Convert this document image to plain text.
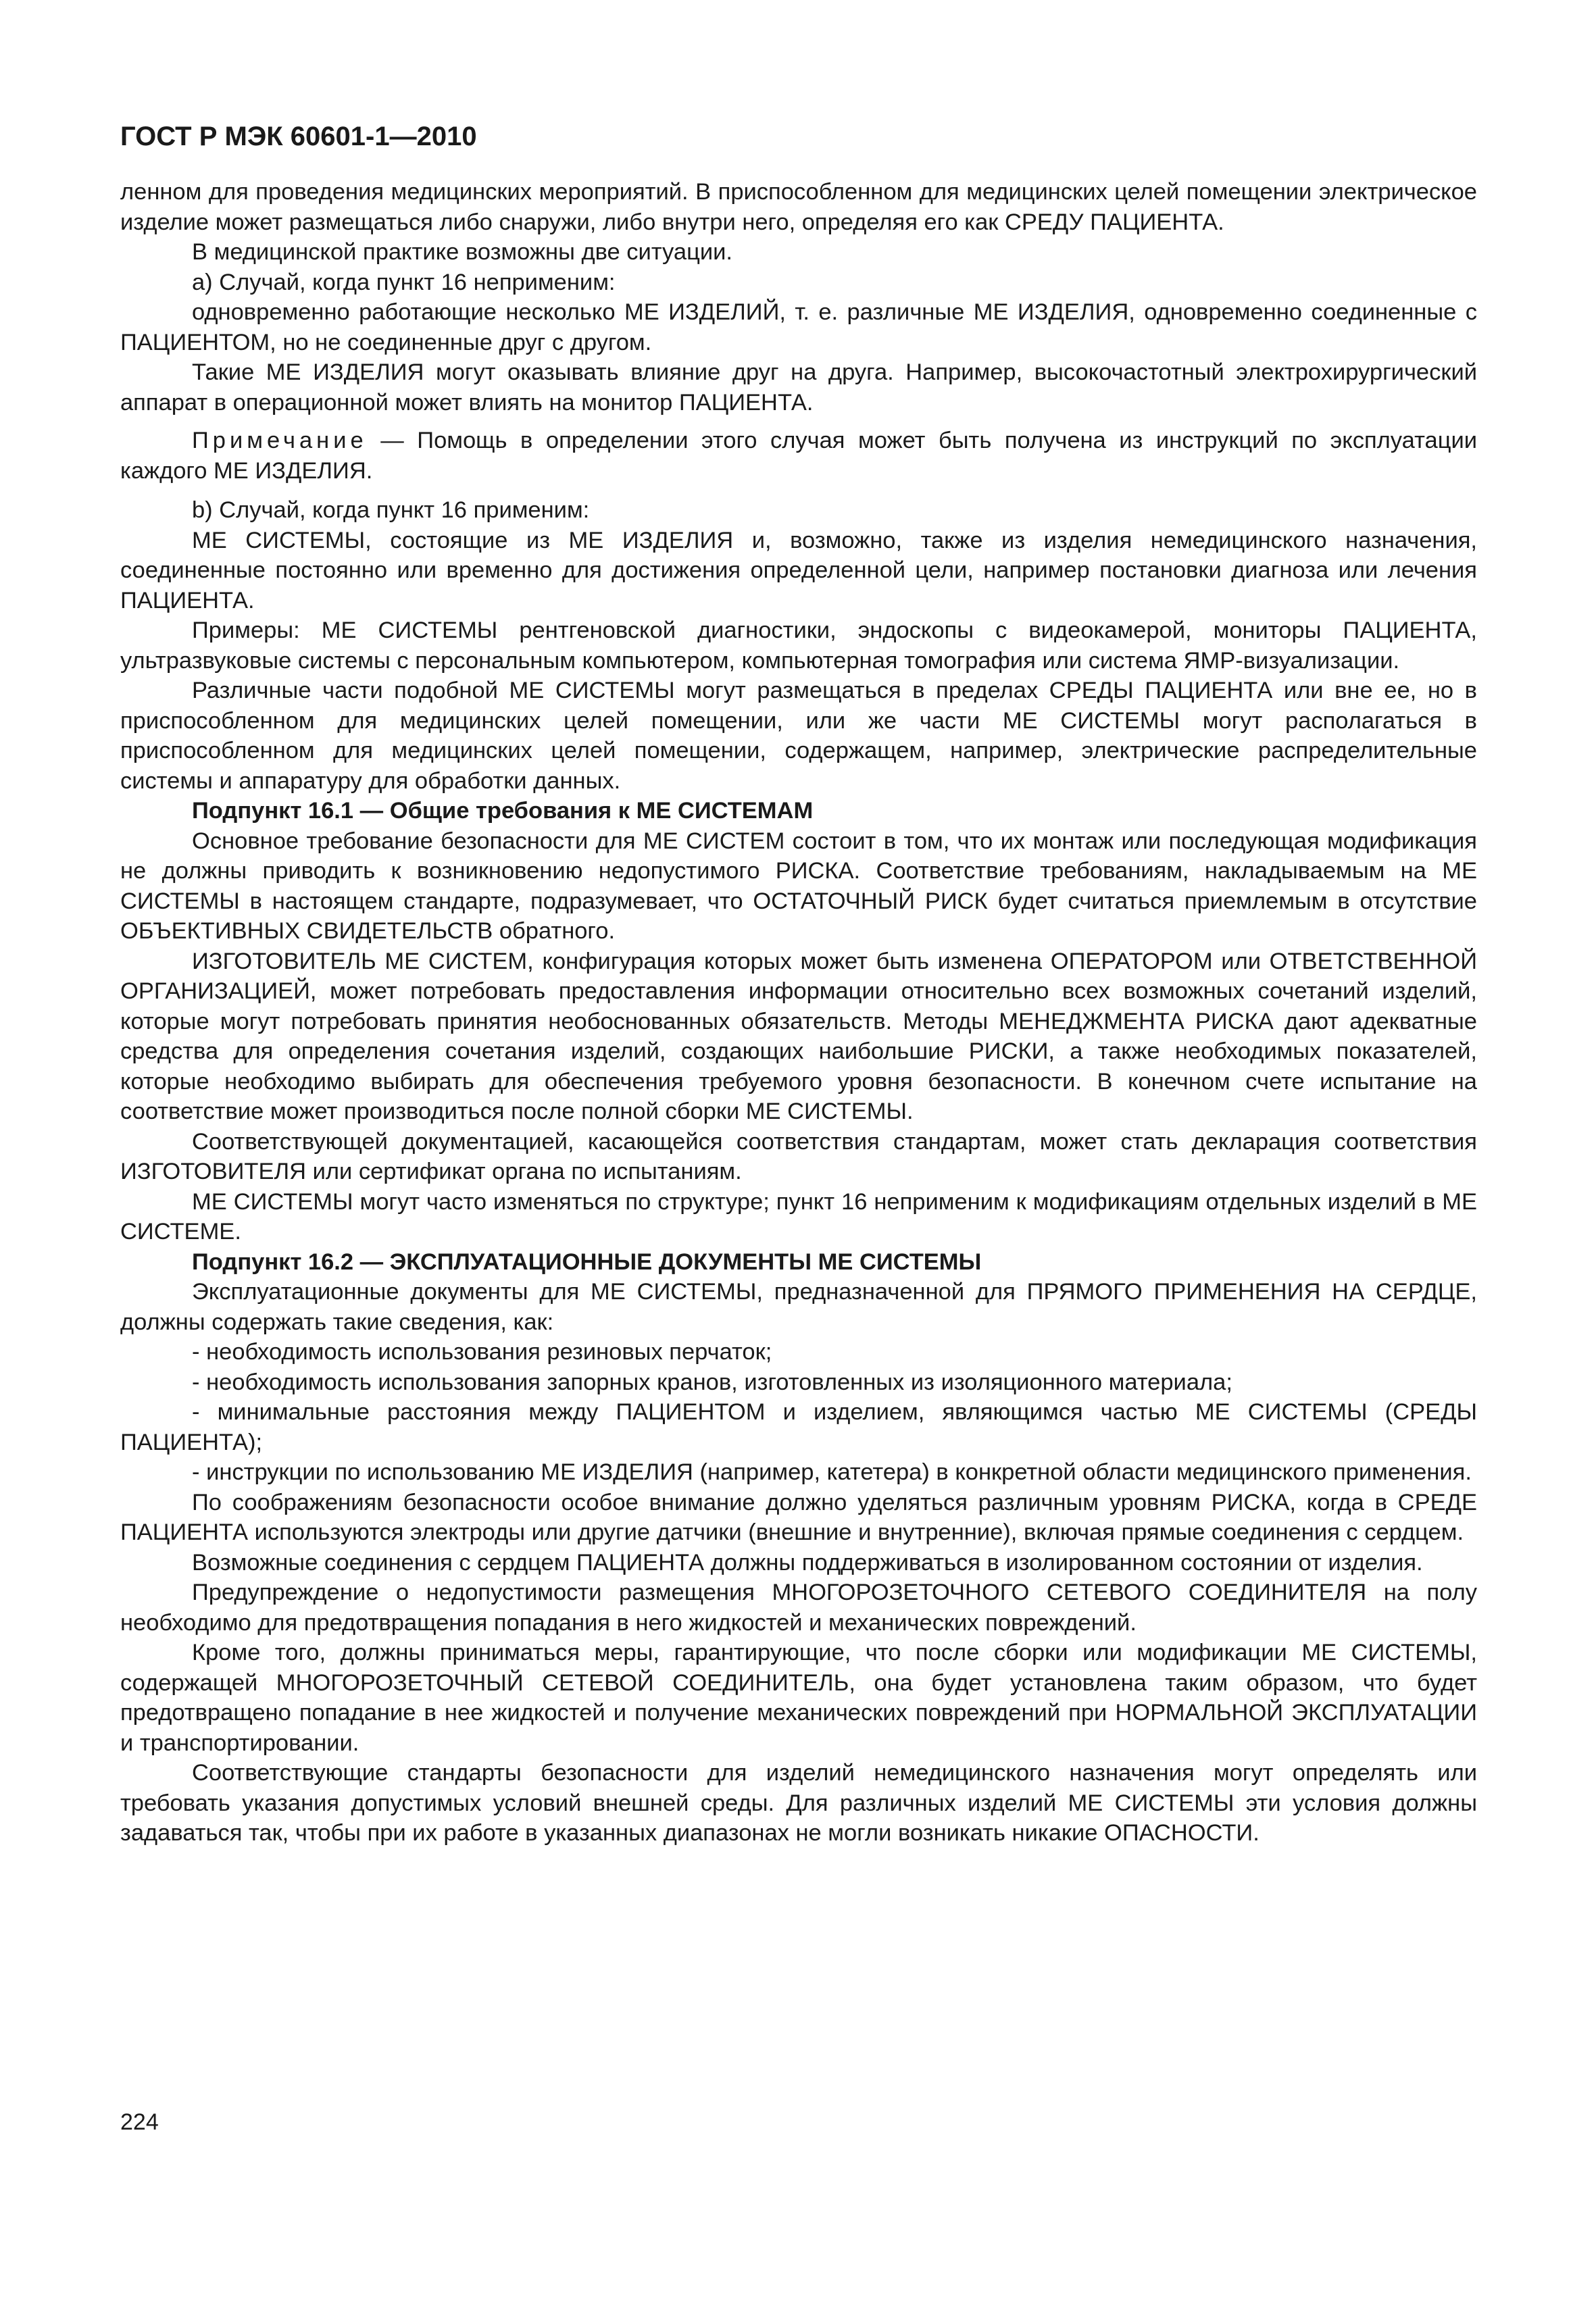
ГОСТ Р МЭК 60601-1—2010

ленном для проведения медицинских мероприятий. В приспособленном для медицинских целей помещении электрическое изделие может размещаться либо снаружи, либо внутри него, определяя его как СРЕДУ ПАЦИЕНТА.

В медицинской практике возможны две ситуации.

а) Случай, когда пункт 16 неприменим:

одновременно работающие несколько МЕ ИЗДЕЛИЙ, т. е. различные МЕ ИЗДЕЛИЯ, одновременно соединенные с ПАЦИЕНТОМ, но не соединенные друг с другом.

Такие МЕ ИЗДЕЛИЯ могут оказывать влияние друг на друга. Например, высокочастотный электрохирургический аппарат в операционной может влиять на монитор ПАЦИЕНТА.

Примечание — Помощь в определении этого случая может быть получена из инструкций по эксплуатации каждого МЕ ИЗДЕЛИЯ.

b) Случай, когда пункт 16 применим:

МЕ СИСТЕМЫ, состоящие из МЕ ИЗДЕЛИЯ и, возможно, также из изделия немедицинского назначения, соединенные постоянно или временно для достижения определенной цели, например постановки диагноза или лечения ПАЦИЕНТА.

Примеры: МЕ СИСТЕМЫ рентгеновской диагностики, эндоскопы с видеокамерой, мониторы ПАЦИЕНТА, ультразвуковые системы с персональным компьютером, компьютерная томография или система ЯМР-визуализации.

Различные части подобной МЕ СИСТЕМЫ могут размещаться в пределах СРЕДЫ ПАЦИЕНТА или вне ее, но в приспособленном для медицинских целей помещении, или же части МЕ СИСТЕМЫ могут располагаться в приспособленном для медицинских целей помещении, содержащем, например, электрические распределительные системы и аппаратуру для обработки данных.

Подпункт 16.1 — Общие требования к МЕ СИСТЕМАМ

Основное требование безопасности для МЕ СИСТЕМ состоит в том, что их монтаж или последующая модификация не должны приводить к возникновению недопустимого РИСКА. Соответствие требованиям, накладываемым на МЕ СИСТЕМЫ в настоящем стандарте, подразумевает, что ОСТАТОЧНЫЙ РИСК будет считаться приемлемым в отсутствие ОБЪЕКТИВНЫХ СВИДЕТЕЛЬСТВ обратного.

ИЗГОТОВИТЕЛЬ МЕ СИСТЕМ, конфигурация которых может быть изменена ОПЕРАТОРОМ или ОТВЕТСТВЕННОЙ ОРГАНИЗАЦИЕЙ, может потребовать предоставления информации относительно всех возможных сочетаний изделий, которые могут потребовать принятия необоснованных обязательств. Методы МЕНЕДЖМЕНТА РИСКА дают адекватные средства для определения сочетания изделий, создающих наибольшие РИСКИ, а также необходимых показателей, которые необходимо выбирать для обеспечения требуемого уровня безопасности. В конечном счете испытание на соответствие может производиться после полной сборки МЕ СИСТЕМЫ.

Соответствующей документацией, касающейся соответствия стандартам, может стать декларация соответствия ИЗГОТОВИТЕЛЯ или сертификат органа по испытаниям.

МЕ СИСТЕМЫ могут часто изменяться по структуре; пункт 16 неприменим к модификациям отдельных изделий в МЕ СИСТЕМЕ.

Подпункт 16.2 — ЭКСПЛУАТАЦИОННЫЕ ДОКУМЕНТЫ МЕ СИСТЕМЫ

Эксплуатационные документы для МЕ СИСТЕМЫ, предназначенной для ПРЯМОГО ПРИМЕНЕНИЯ НА СЕРДЦЕ, должны содержать такие сведения, как:

- необходимость использования резиновых перчаток;

- необходимость использования запорных кранов, изготовленных из изоляционного материала;

- минимальные расстояния между ПАЦИЕНТОМ и изделием, являющимся частью МЕ СИСТЕМЫ (СРЕДЫ ПАЦИЕНТА);

- инструкции по использованию МЕ ИЗДЕЛИЯ (например, катетера) в конкретной области медицинского применения.

По соображениям безопасности особое внимание должно уделяться различным уровням РИСКА, когда в СРЕДЕ ПАЦИЕНТА используются электроды или другие датчики (внешние и внутренние), включая прямые соединения с сердцем.

Возможные соединения с сердцем ПАЦИЕНТА должны поддерживаться в изолированном состоянии от изделия.

Предупреждение о недопустимости размещения МНОГОРОЗЕТОЧНОГО СЕТЕВОГО СОЕДИНИТЕЛЯ на полу необходимо для предотвращения попадания в него жидкостей и механических повреждений.

Кроме того, должны приниматься меры, гарантирующие, что после сборки или модификации МЕ СИСТЕМЫ, содержащей МНОГОРОЗЕТОЧНЫЙ СЕТЕВОЙ СОЕДИНИТЕЛЬ, она будет установлена таким образом, что будет предотвращено попадание в нее жидкостей и получение механических повреждений при НОРМАЛЬНОЙ ЭКСПЛУАТАЦИИ и транспортировании.

Соответствующие стандарты безопасности для изделий немедицинского назначения могут определять или требовать указания допустимых условий внешней среды. Для различных изделий МЕ СИСТЕМЫ эти условия должны задаваться так, чтобы при их работе в указанных диапазонах не могли возникать никакие ОПАСНОСТИ.

224
